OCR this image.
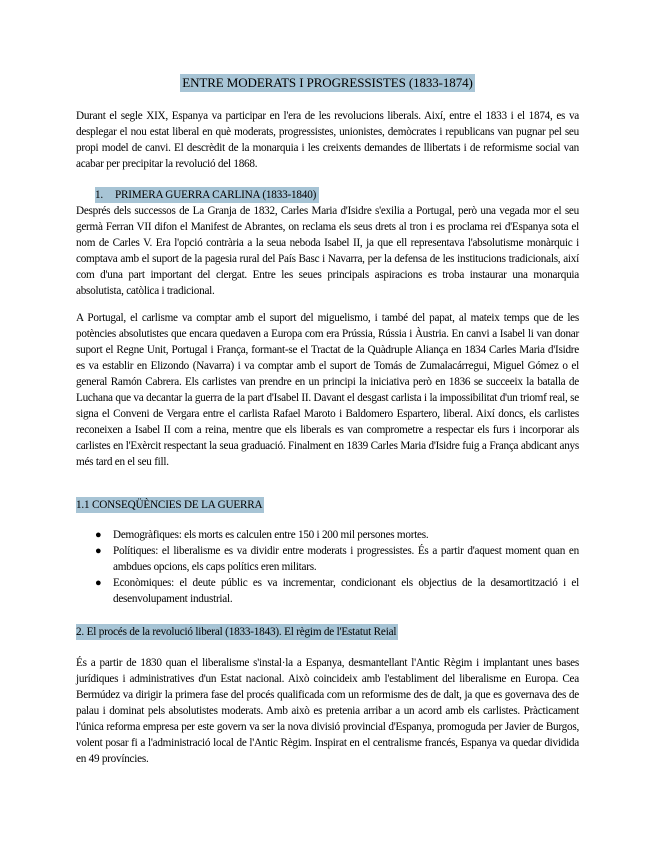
ENTRE MODERATS I PROGRESSISTES (1833-1874)

Durant el segle XIX, Espanya va participar en l'era de les revolucions liberals. Així, entre el 1833 i el 1874, es va desplegar el nou estat liberal en què moderats, progressistes, unionistes, demòcrates i republicans van pugnar pel seu propi model de canvi. El descrèdit de la monarquia i les creixents demandes de llibertats i de reformisme social van acabar per precipitar la revolució del 1868.

1. PRIMERA GUERRA CARLINA (1833-1840)

Després dels successos de La Granja de 1832, Carles Maria d'Isidre s'exilia a Portugal, però una vegada mor el seu germà Ferran VII difon el Manifest de Abrantes, on reclama els seus drets al tron i es proclama rei d'Espanya sota el nom de Carles V. Era l'opció contrària a la seua neboda Isabel II, ja que ell representava l'absolutisme monàrquic i comptava amb el suport de la pagesia rural del País Basc i Navarra, per la defensa de les institucions tradicionals, així com d'una part important del clergat. Entre les seues principals aspiracions es troba instaurar una monarquia absolutista, catòlica i tradicional.

A Portugal, el carlisme va comptar amb el suport del miguelismo, i també del papat, al mateix temps que de les potències absolutistes que encara quedaven a Europa com era Prússia, Rússia i Àustria. En canvi a Isabel li van donar suport el Regne Unit, Portugal i França, formant-se el Tractat de la Quàdruple Aliança en 1834 Carles Maria d'Isidre es va establir en Elizondo (Navarra) i va comptar amb el suport de Tomás de Zumalacárregui, Miguel Gómez o el general Ramón Cabrera. Els carlistes van prendre en un principi la iniciativa però en 1836 se succeeix la batalla de Luchana que va decantar la guerra de la part d'Isabel II. Davant el desgast carlista i la impossibilitat d'un triomf real, se signa el Conveni de Vergara entre el carlista Rafael Maroto i Baldomero Espartero, liberal. Així doncs, els carlistes reconeixen a Isabel II com a reina, mentre que els liberals es van comprometre a respectar els furs i incorporar als carlistes en l'Exèrcit respectant la seua graduació. Finalment en 1839 Carles Maria d'Isidre fuig a França abdicant anys més tard en el seu fill.

1.1 CONSEQÜÈNCIES DE LA GUERRA
● Demogràfiques: els morts es calculen entre 150 i 200 mil persones mortes.
● Polítiques: el liberalisme es va dividir entre moderats i progressistes. És a partir d'aquest moment quan en ambdues opcions, els caps polítics eren militars.
● Econòmiques: el deute públic es va incrementar, condicionant els objectius de la desamortització i el desenvolupament industrial.
2. El procés de la revolució liberal (1833-1843). El règim de l'Estatut Reial

És a partir de 1830 quan el liberalisme s'instal·la a Espanya, desmantellant l'Antic Règim i implantant unes bases jurídiques i administratives d'un Estat nacional. Això coincideix amb l'establiment del liberalisme en Europa. Cea Bermúdez va dirigir la primera fase del procés qualificada com un reformisme des de dalt, ja que es governava des de palau i dominat pels absolutistes moderats. Amb això es pretenia arribar a un acord amb els carlistes. Pràcticament l'única reforma empresa per este govern va ser la nova divisió provincial d'Espanya, promoguda per Javier de Burgos, volent posar fi a l'administració local de l'Antic Règim. Inspirat en el centralisme francés, Espanya va quedar dividida en 49 províncies.
